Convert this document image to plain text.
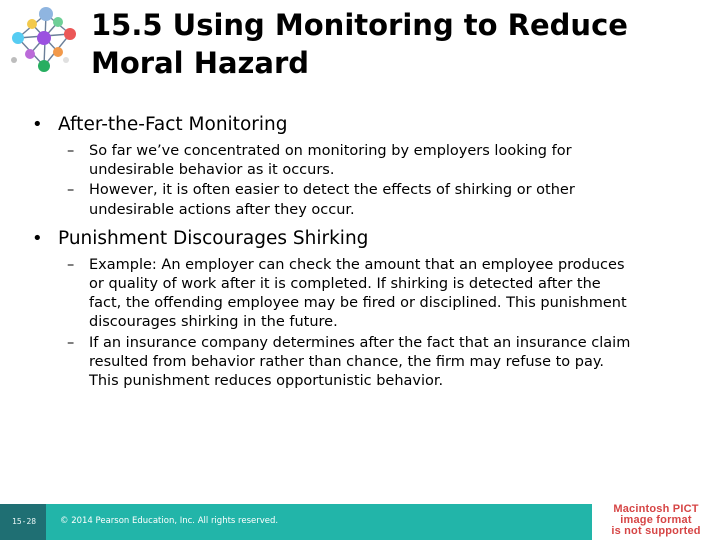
15.5 Using Monitoring to Reduce
Moral Hazard
• After-the-Fact Monitoring
– So far we’ve concentrated on monitoring by employers looking for
undesirable behavior as it occurs.
– However, it is often easier to detect the effects of shirking or other
undesirable actions after they occur.
• Punishment Discourages Shirking
– Example: An employer can check the amount that an employee produces
or quality of work after it is completed. If shirking is detected after the
fact, the offending employee may be fired or disciplined. This punishment
discourages shirking in the future.
– If an insurance company determines after the fact that an insurance claim
resulted from behavior rather than chance, the firm may refuse to pay.
This punishment reduces opportunistic behavior.
15-28	© 2014 Pearson Education, Inc. All rights reserved.
Macintosh PICT
image format
is not supported
